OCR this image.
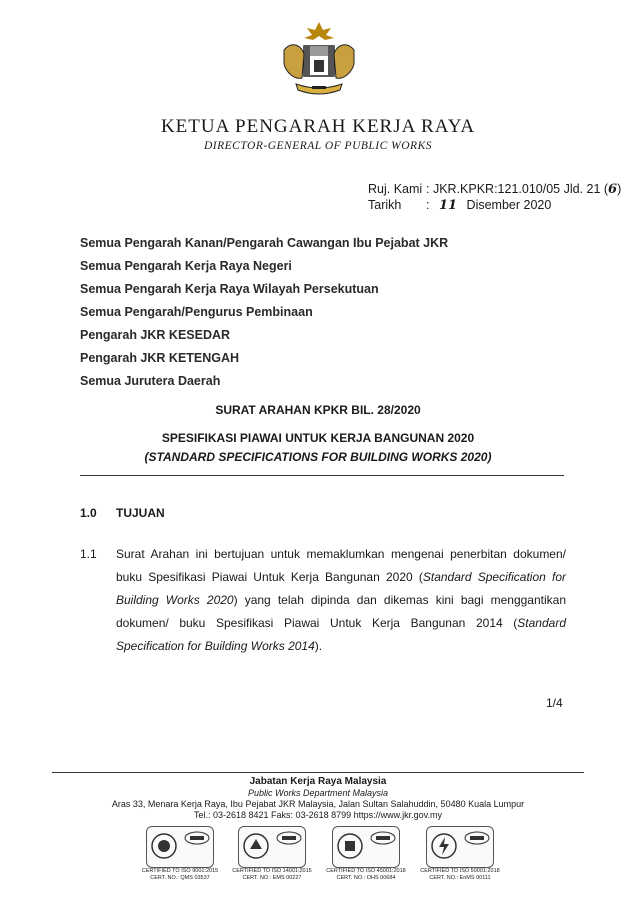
KETUA PENGARAH KERJA RAYA
DIRECTOR-GENERAL OF PUBLIC WORKS
Ruj. Kami : JKR.KPKR:121.010/05 Jld. 21 (6)
Tarikh : 11 Disember 2020
Semua Pengarah Kanan/Pengarah Cawangan Ibu Pejabat JKR
Semua Pengarah Kerja Raya Negeri
Semua Pengarah Kerja Raya Wilayah Persekutuan
Semua Pengarah/Pengurus Pembinaan
Pengarah JKR KESEDAR
Pengarah JKR KETENGAH
Semua Jurutera Daerah
SURAT ARAHAN KPKR BIL. 28/2020
SPESIFIKASI PIAWAI UNTUK KERJA BANGUNAN 2020
(STANDARD SPECIFICATIONS FOR BUILDING WORKS 2020)
1.0 TUJUAN
1.1 Surat Arahan ini bertujuan untuk memaklumkan mengenai penerbitan dokumen/ buku Spesifikasi Piawai Untuk Kerja Bangunan 2020 (Standard Specification for Building Works 2020) yang telah dipinda dan dikemas kini bagi menggantikan dokumen/ buku Spesifikasi Piawai Untuk Kerja Bangunan 2014 (Standard Specification for Building Works 2014).
1/4
Jabatan Kerja Raya Malaysia
Public Works Department Malaysia
Aras 33, Menara Kerja Raya, Ibu Pejabat JKR Malaysia, Jalan Sultan Salahuddin, 50480 Kuala Lumpur
Tel.: 03-2618 8421 Faks: 03-2618 8799 https://www.jkr.gov.my
CERTIFIED TO ISO 9001:2015
CERT. NO.: QMS 03537
CERTIFIED TO ISO 14001:2015
CERT. NO.: EMS 00227
CERTIFIED TO ISO 45001:2018
CERT. NO.: OHS 00684
CERTIFIED TO ISO 50001:2018
CERT. NO.: EnMS 00111
